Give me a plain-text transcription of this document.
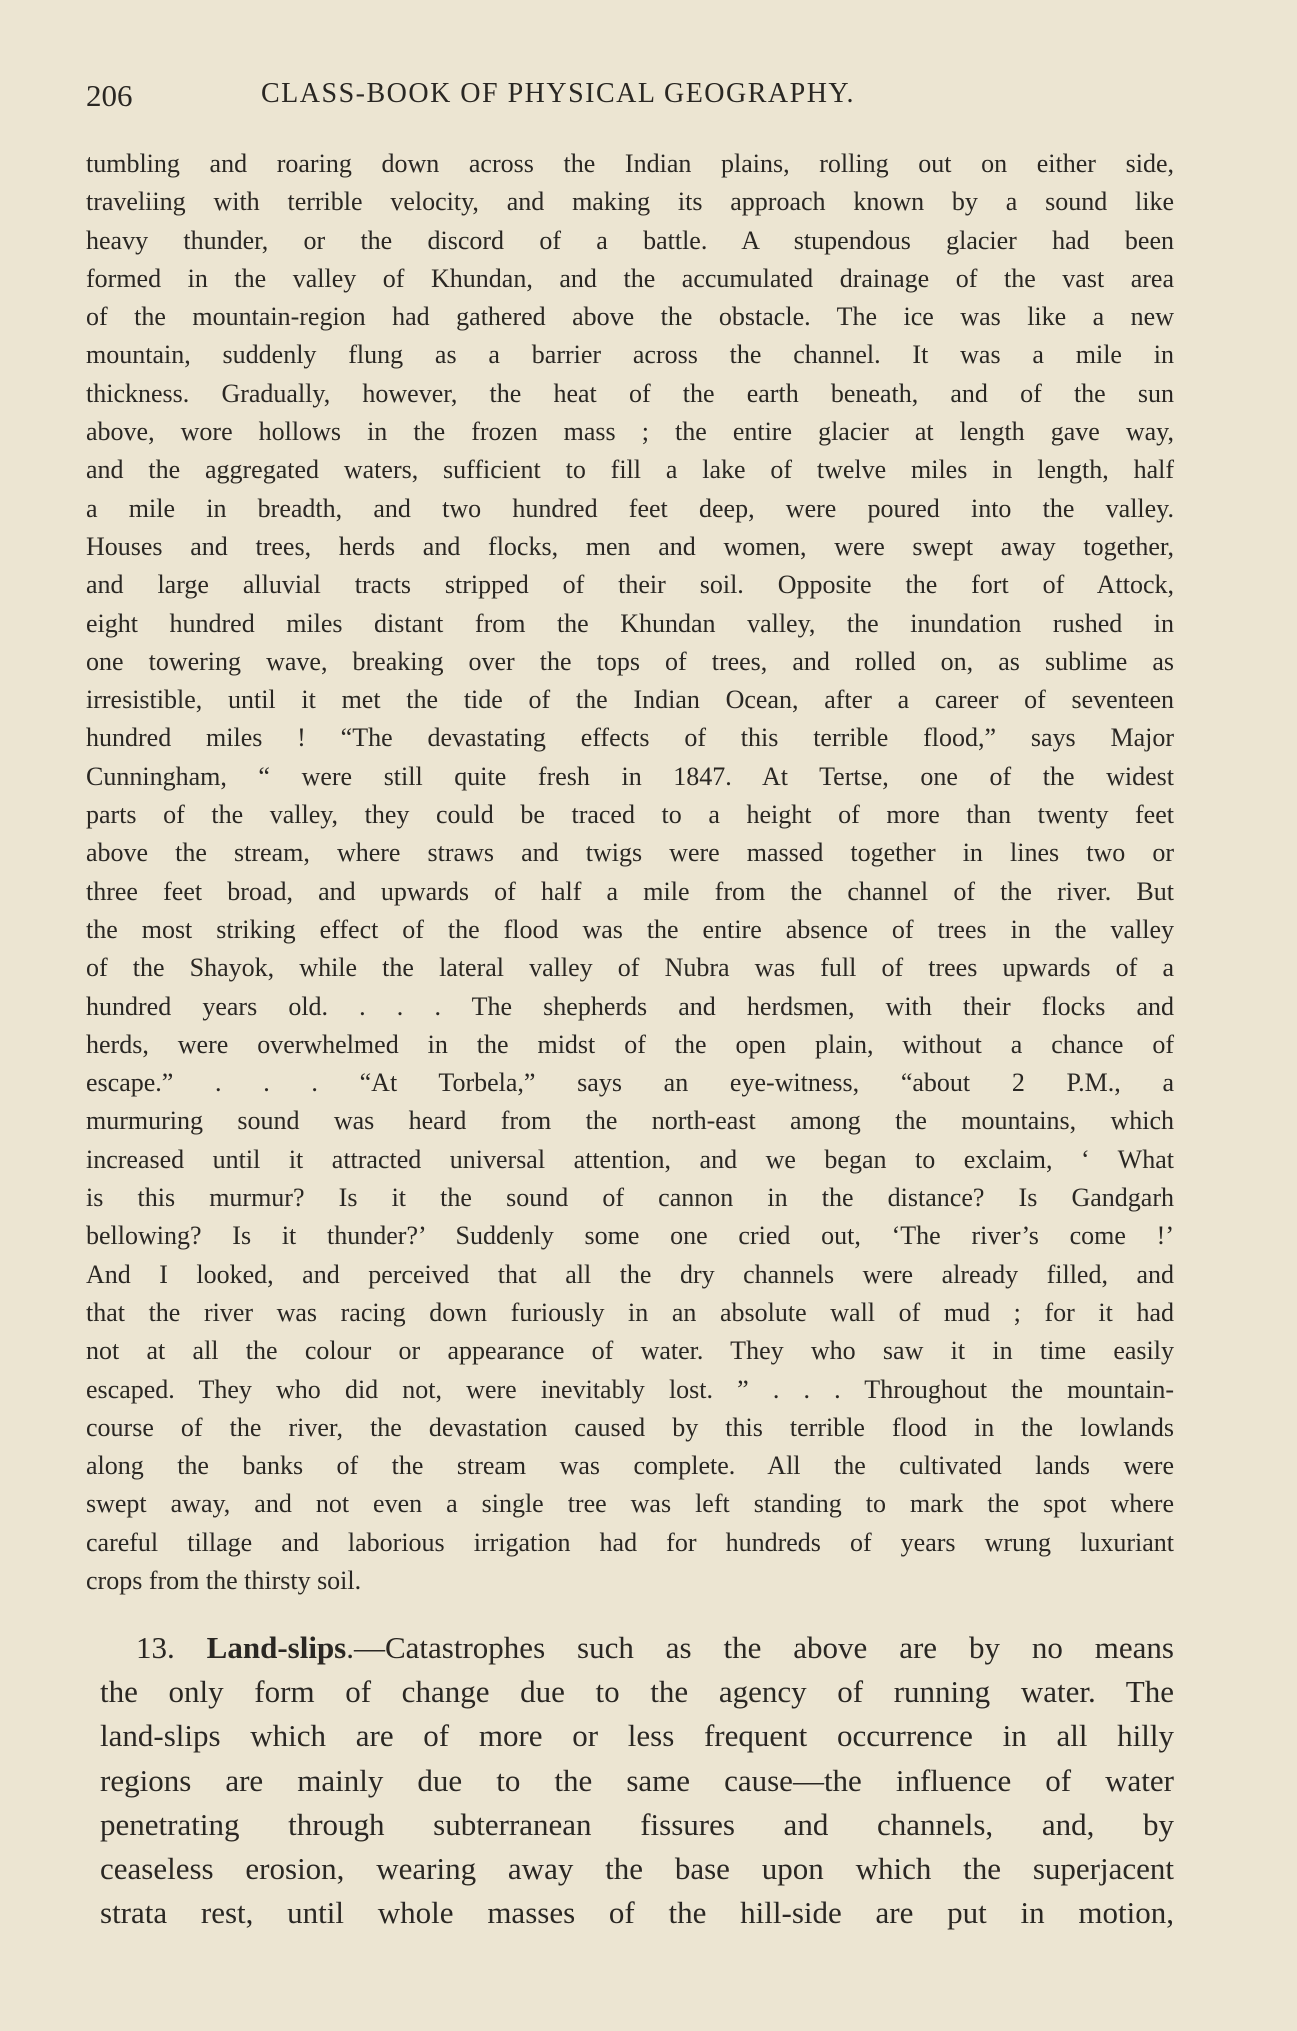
206	CLASS-BOOK OF PHYSICAL GEOGRAPHY.
tumbling and roaring down across the Indian plains, rolling out on either side,
traveliing with terrible velocity, and making its approach known by a sound like
heavy thunder, or the discord of a battle. A stupendous glacier had been
formed in the valley of Khundan, and the accumulated drainage of the vast area
of the mountain-region had gathered above the obstacle. The ice was like a new
mountain, suddenly flung as a barrier across the channel. It was a mile in
thickness. Gradually, however, the heat of the earth beneath, and of the sun
above, wore hollows in the frozen mass ; the entire glacier at length gave way,
and the aggregated waters, sufficient to fill a lake of twelve miles in length, half
a mile in breadth, and two hundred feet deep, were poured into the valley.
Houses and trees, herds and flocks, men and women, were swept away together,
and large alluvial tracts stripped of their soil. Opposite the fort of Attock,
eight hundred miles distant from the Khundan valley, the inundation rushed in
one towering wave, breaking over the tops of trees, and rolled on, as sublime as
irresistible, until it met the tide of the Indian Ocean, after a career of seventeen
hundred miles ! “The devastating effects of this terrible flood,” says Major
Cunningham, “ were still quite fresh in 1847. At Tertse, one of the widest
parts of the valley, they could be traced to a height of more than twenty feet
above the stream, where straws and twigs were massed together in lines two or
three feet broad, and upwards of half a mile from the channel of the river. But
the most striking effect of the flood was the entire absence of trees in the valley
of the Shayok, while the lateral valley of Nubra was full of trees upwards of a
hundred years old. . . . The shepherds and herdsmen, with their flocks and
herds, were overwhelmed in the midst of the open plain, without a chance of
escape.” . . . “At Torbela,” says an eye-witness, “about 2 P.M., a
murmuring sound was heard from the north-east among the mountains, which
increased until it attracted universal attention, and we began to exclaim, ‘ What
is this murmur? Is it the sound of cannon in the distance? Is Gandgarh
bellowing? Is it thunder?’ Suddenly some one cried out, ‘The river’s come !’
And I looked, and perceived that all the dry channels were already filled, and
that the river was racing down furiously in an absolute wall of mud ; for it had
not at all the colour or appearance of water. They who saw it in time easily
escaped. They who did not, were inevitably lost. ” . . . Throughout the mountain-
course of the river, the devastation caused by this terrible flood in the lowlands
along the banks of the stream was complete. All the cultivated lands were
swept away, and not even a single tree was left standing to mark the spot where
careful tillage and laborious irrigation had for hundreds of years wrung luxuriant
crops from the thirsty soil.
13. Land-slips.—Catastrophes such as the above are by no means
the only form of change due to the agency of running water. The
land-slips which are of more or less frequent occurrence in all hilly
regions are mainly due to the same cause—the influence of water
penetrating through subterranean fissures and channels, and, by
ceaseless erosion, wearing away the base upon which the superjacent
strata rest, until whole masses of the hill-side are put in motion,
